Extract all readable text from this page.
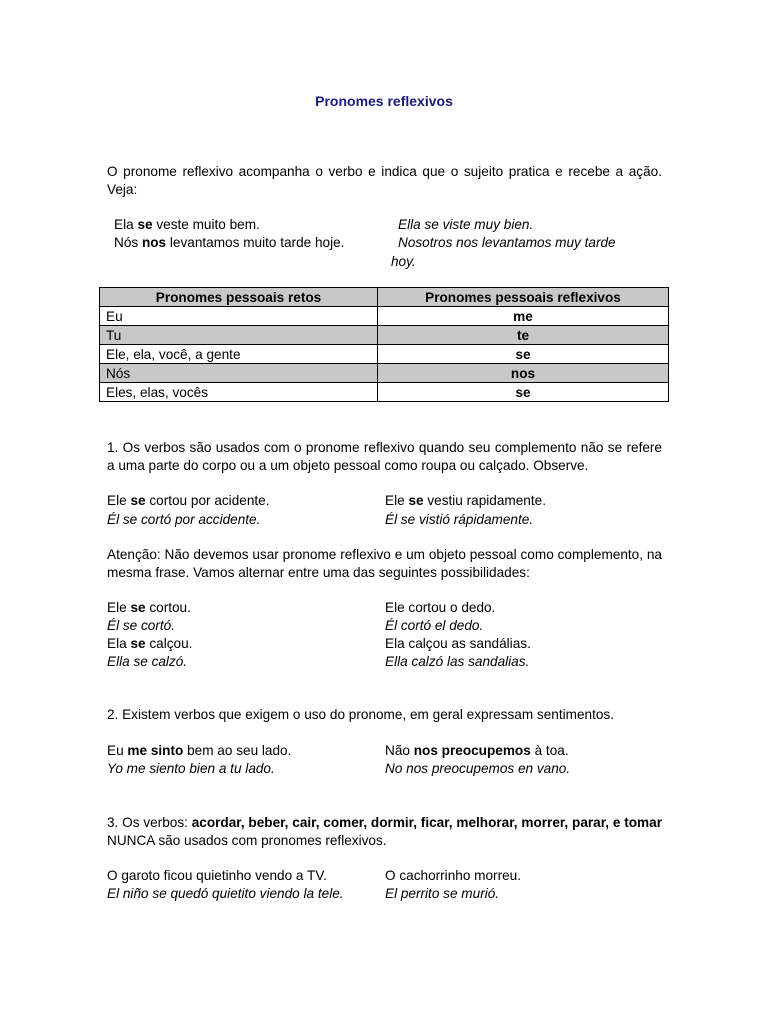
Pronomes reflexivos
O pronome reflexivo acompanha o verbo e indica que o sujeito pratica e recebe a ação. Veja:
Ela se veste muito bem.	Ella se viste muy bien.
Nós nos levantamos muito tarde hoje.	Nosotros nos levantamos muy tarde
hoy.
Pronomes pessoais retos	Pronomes pessoais reflexivos
Eu	me
Tu	te
Ele, ela, você, a gente	se
Nós	nos
Eles, elas, vocês	se
1. Os verbos são usados com o pronome reflexivo quando seu complemento não se refere a uma parte do corpo ou a um objeto pessoal como roupa ou calçado. Observe.
Ele se cortou por acidente.	Ele se vestiu rapidamente.
Él se cortó por accidente.	Él se vistió rápidamente.
Atenção: Não devemos usar pronome reflexivo e um objeto pessoal como complemento, na mesma frase. Vamos alternar entre uma das seguintes possibilidades:
Ele se cortou.	Ele cortou o dedo.
Él se cortó.	Él cortó el dedo.
Ela se calçou.	Ela calçou as sandálias.
Ella se calzó.	Ella calzó las sandalias.
2. Existem verbos que exigem o uso do pronome, em geral expressam sentimentos.
Eu me sinto bem ao seu lado.	Não nos preocupemos à toa.
Yo me siento bien a tu lado.	No nos preocupemos en vano.
3. Os verbos: acordar, beber, cair, comer, dormir, ficar, melhorar, morrer, parar, e tomar NUNCA são usados com pronomes reflexivos.
O garoto ficou quietinho vendo a TV.	O cachorrinho morreu.
El niño se quedó quietito viendo la tele.	El perrito se murió.
